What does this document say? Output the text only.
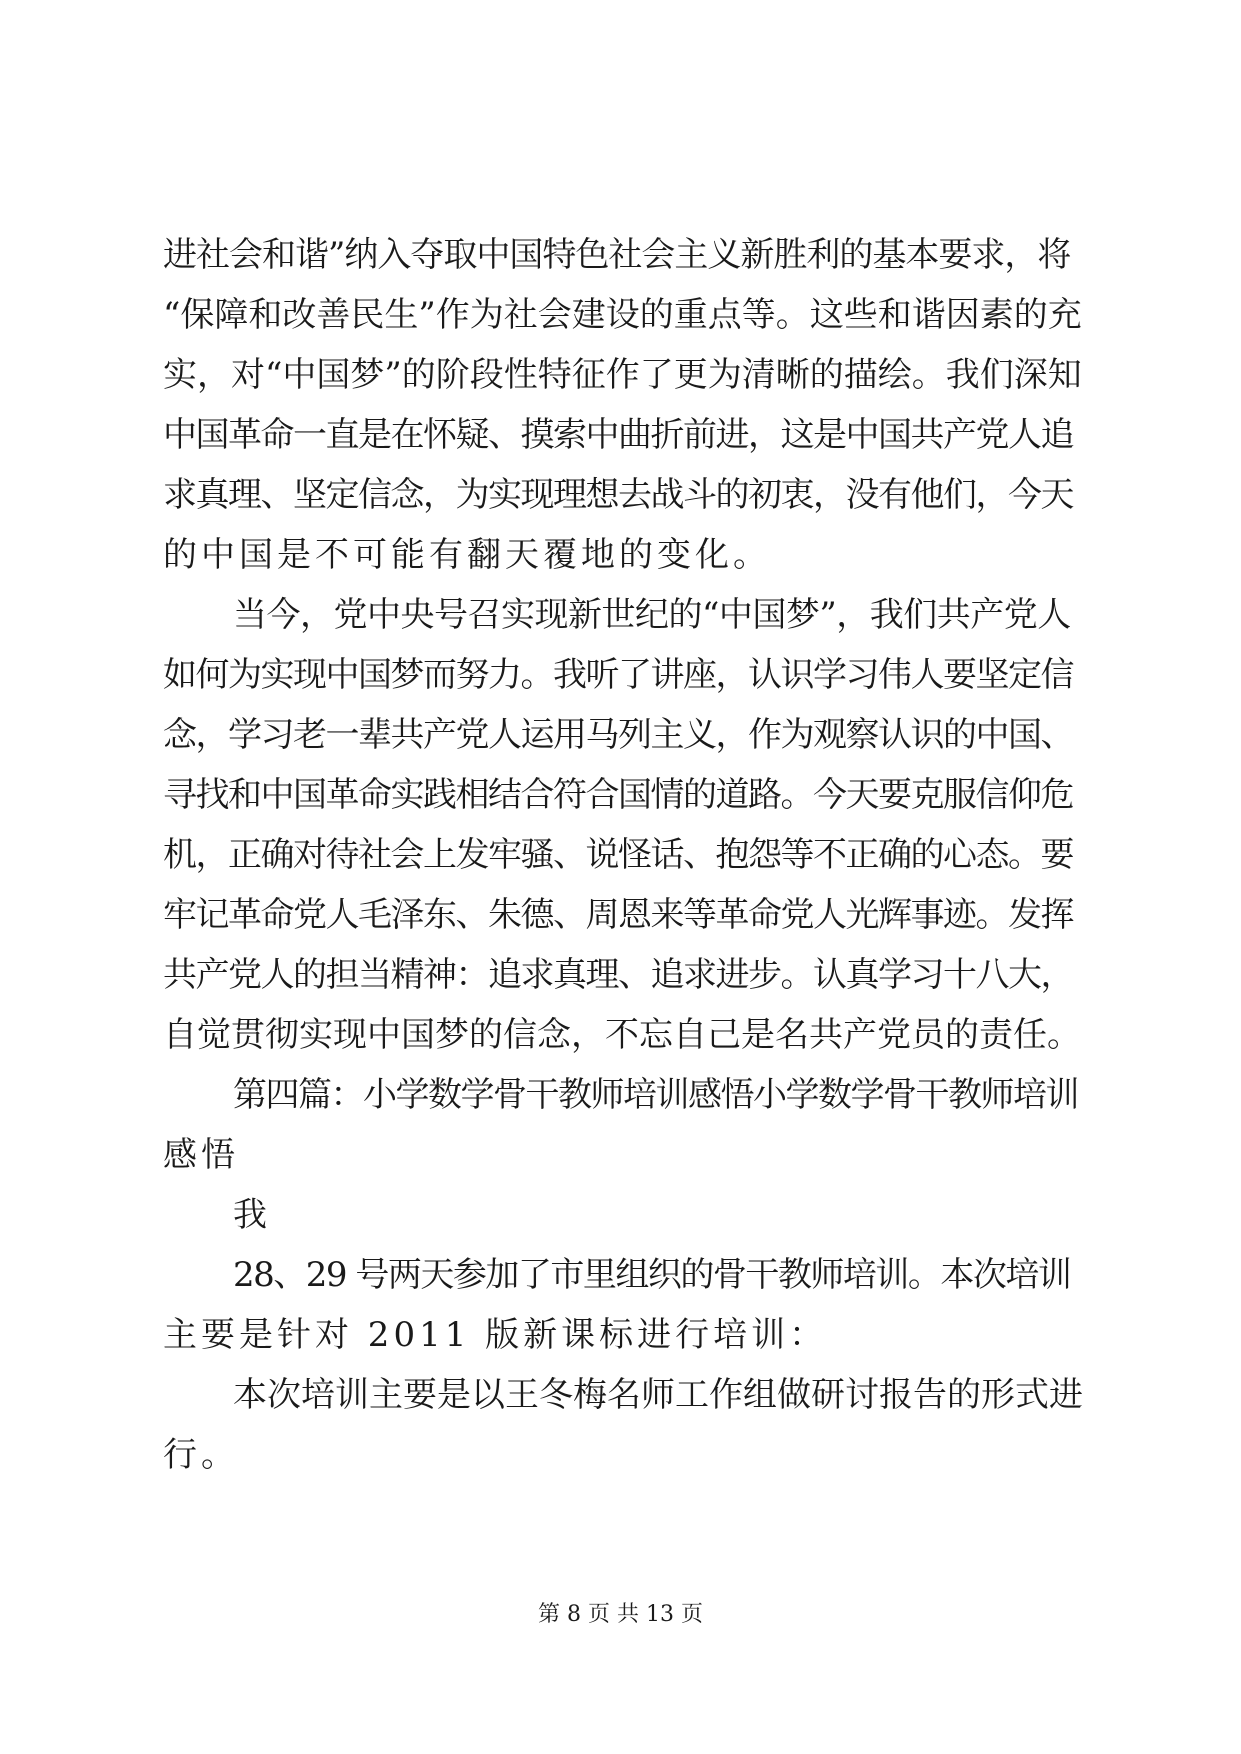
进社会和谐”纳入夺取中国特色社会主义新胜利的基本要求，将
“保障和改善民生”作为社会建设的重点等。这些和谐因素的充
实，对“中国梦”的阶段性特征作了更为清晰的描绘。我们深知
中国革命一直是在怀疑、摸索中曲折前进，这是中国共产党人追
求真理、坚定信念，为实现理想去战斗的初衷，没有他们，今天
的中国是不可能有翻天覆地的变化。
当今，党中央号召实现新世纪的“中国梦”，我们共产党人
如何为实现中国梦而努力。我听了讲座，认识学习伟人要坚定信
念，学习老一辈共产党人运用马列主义，作为观察认识的中国、
寻找和中国革命实践相结合符合国情的道路。今天要克服信仰危
机，正确对待社会上发牢骚、说怪话、抱怨等不正确的心态。要
牢记革命党人毛泽东、朱德、周恩来等革命党人光辉事迹。发挥
共产党人的担当精神：追求真理、追求进步。认真学习十八大，
自觉贯彻实现中国梦的信念，不忘自己是名共产党员的责任。
第四篇：小学数学骨干教师培训感悟小学数学骨干教师培训
感悟
我
28、29 号两天参加了市里组织的骨干教师培训。本次培训
主要是针对 2011 版新课标进行培训：
本次培训主要是以王冬梅名师工作组做研讨报告的形式进
行。
第 8 页 共 13 页
